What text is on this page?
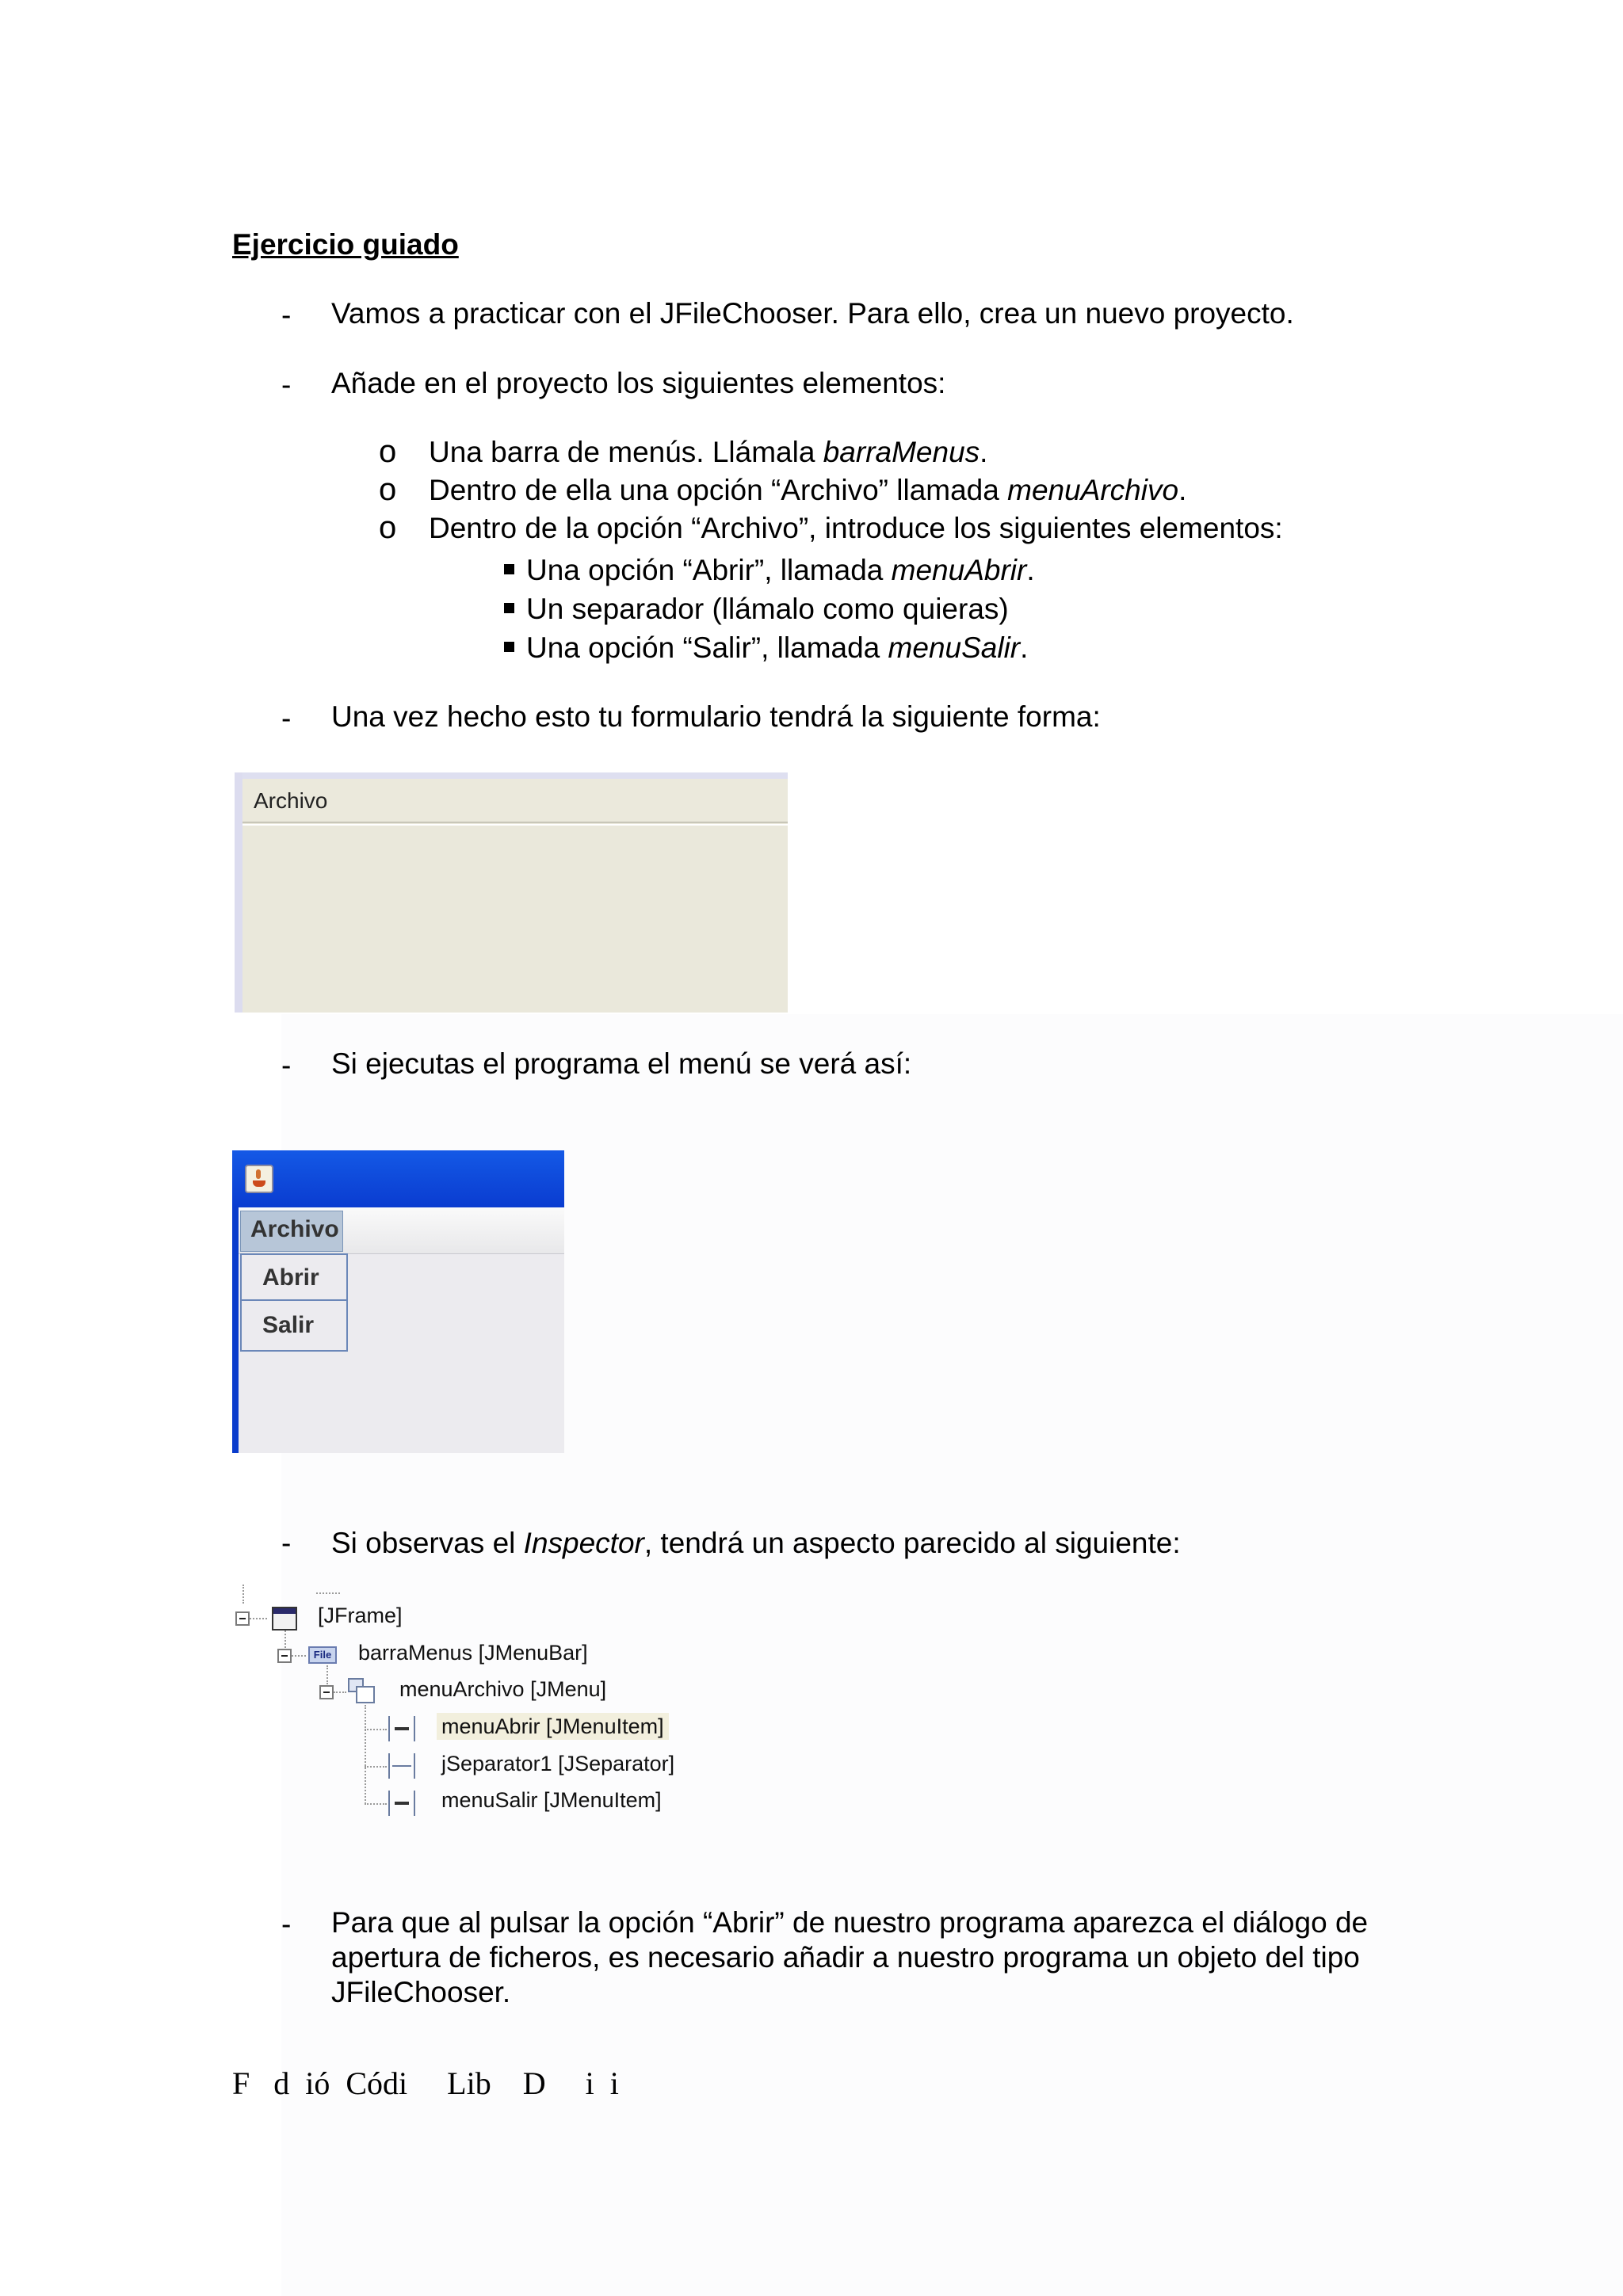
Ejercicio guiado
- Vamos a practicar con el JFileChooser. Para ello, crea un nuevo proyecto.
- Añade en el proyecto los siguientes elementos:
o Una barra de menús. Llámala barraMenus.
o Dentro de ella una opción “Archivo” llamada menuArchivo.
o Dentro de la opción “Archivo”, introduce los siguientes elementos:
Una opción “Abrir”, llamada menuAbrir.
Un separador (llámalo como quieras)
Una opción “Salir”, llamada menuSalir.
- Una vez hecho esto tu formulario tendrá la siguiente forma:
Archivo
- Si ejecutas el programa el menú se verá así:
Archivo
Abrir
Salir
- Si observas el Inspector, tendrá un aspecto parecido al siguiente:
[JFrame]
File barraMenus [JMenuBar]
menuArchivo [JMenu]
menuAbrir [JMenuItem]
jSeparator1 [JSeparator]
menuSalir [JMenuItem]
- Para que al pulsar la opción “Abrir” de nuestro programa aparezca el diálogo de
apertura de ficheros, es necesario añadir a nuestro programa un objeto del tipo
JFileChooser.
F   d  ió  Códi     Lib    D     i  i
